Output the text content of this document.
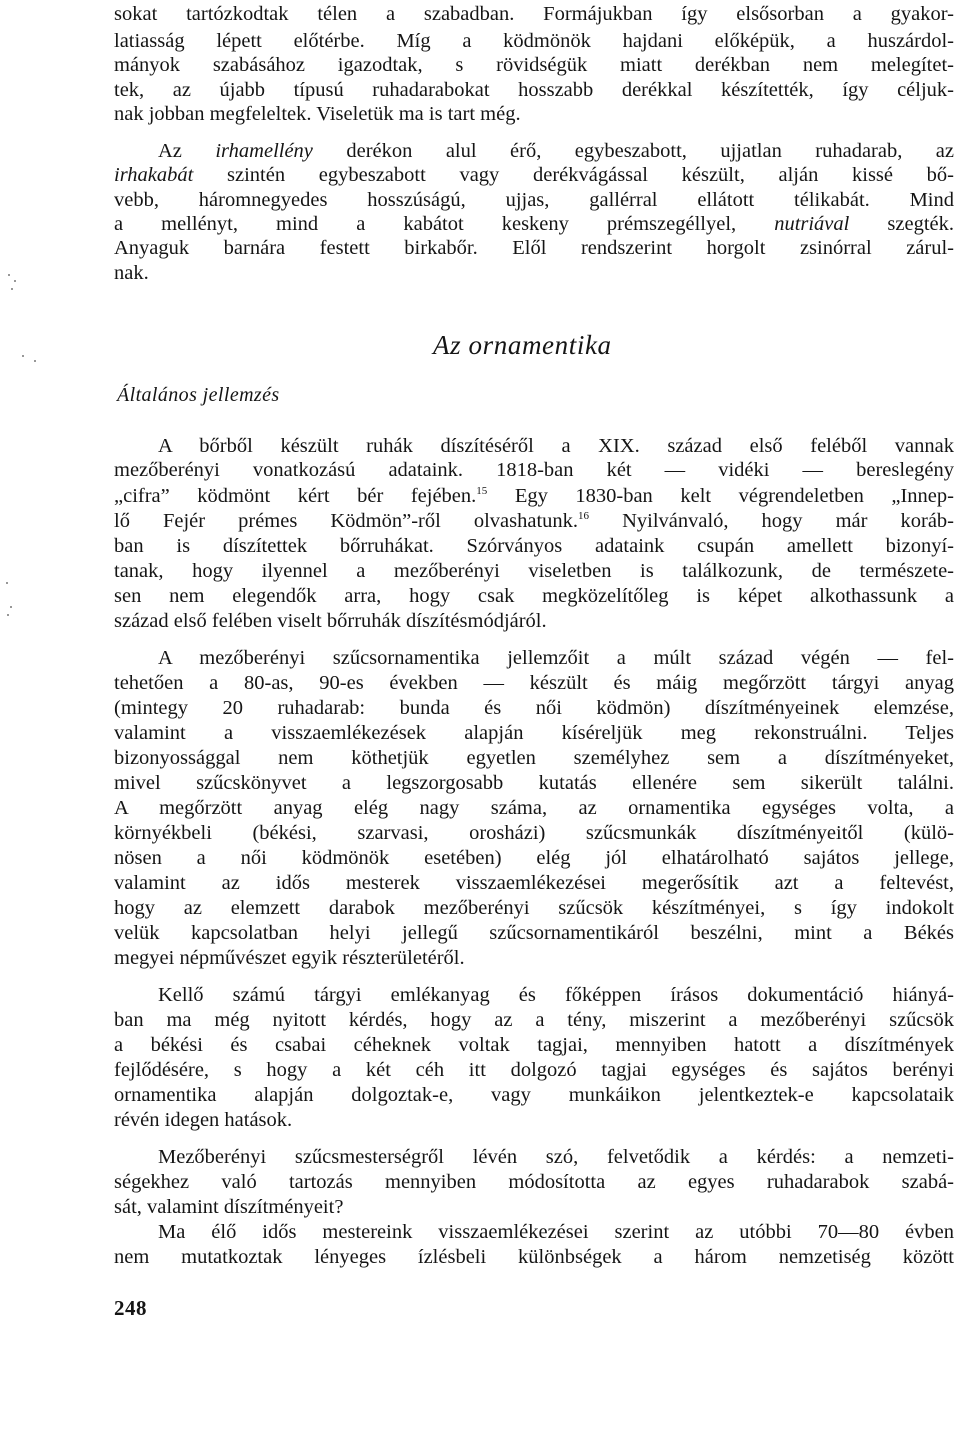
sokat tartózkodtak télen a szabadban. Formájukban így elsősorban a gyakor-
latiasság lépett előtérbe. Míg a ködmönök hajdani előképük, a huszárdol-
mányok szabásához igazodtak, s rövidségük miatt derékban nem melegítet-
tek, az újabb típusú ruhadarabokat hosszabb derékkal készítették, így céljuk-
nak jobban megfeleltek. Viseletük ma is tart még.
Az irhamellény derékon alul érő, egybeszabott, ujjatlan ruhadarab, az
irhakabát szintén egybeszabott vagy derékvágással készült, alján kissé bő-
vebb, háromnegyedes hosszúságú, ujjas, gallérral ellátott télikabát. Mind
a mellényt, mind a kabátot keskeny prémszegéllyel, nutriával szegték.
Anyaguk barnára festett birkabőr. Elől rendszerint horgolt zsinórral zárul-
nak.
Az ornamentika
Általános jellemzés
A bőrből készült ruhák díszítéséről a XIX. század első feléből vannak
mezőberényi vonatkozású adataink. 1818-ban két — vidéki — bereslegény
„cifra” ködmönt kért bér fejében.$^{15}$ Egy 1830-ban kelt végrendeletben „Innep-
lő Fejér prémes Ködmön”-ről olvashatunk.$^{16}$ Nyilvánvaló, hogy már koráb-
ban is díszítettek bőrruhákat. Szórványos adataink csupán amellett bizonyí-
tanak, hogy ilyennel a mezőberényi viseletben is találkozunk, de természete-
sen nem elegendők arra, hogy csak megközelítőleg is képet alkothassunk a
század első felében viselt bőrruhák díszítésmódjáról.
A mezőberényi szűcsornamentika jellemzőit a múlt század végén — fel-
tehetően a 80-as, 90-es években — készült és máig megőrzött tárgyi anyag
(mintegy 20 ruhadarab: bunda és női ködmön) díszítményeinek elemzése,
valamint a visszaemlékezések alapján kíséreljük meg rekonstruálni. Teljes
bizonyossággal nem köthetjük egyetlen személyhez sem a díszítményeket,
mivel szűcskönyvet a legszorgosabb kutatás ellenére sem sikerült találni.
A megőrzött anyag elég nagy száma, az ornamentika egységes volta, a
környékbeli (békési, szarvasi, orosházi) szűcsmunkák díszítményeitől (külö-
nösen a női ködmönök esetében) elég jól elhatárolható sajátos jellege,
valamint az idős mesterek visszaemlékezései megerősítik azt a feltevést,
hogy az elemzett darabok mezőberényi szűcsök készítményei, s így indokolt
velük kapcsolatban helyi jellegű szűcsornamentikáról beszélni, mint a Békés
megyei népművészet egyik részterületéről.
Kellő számú tárgyi emlékanyag és főképpen írásos dokumentáció hiányá-
ban ma még nyitott kérdés, hogy az a tény, miszerint a mezőberényi szűcsök
a békési és csabai céheknek voltak tagjai, mennyiben hatott a díszítmények
fejlődésére, s hogy a két céh itt dolgozó tagjai egységes és sajátos berényi
ornamentika alapján dolgoztak-e, vagy munkáikon jelentkeztek-e kapcsolataik
révén idegen hatások.
Mezőberényi szűcsmesterségről lévén szó, felvetődik a kérdés: a nemzeti-
ségekhez való tartozás mennyiben módosította az egyes ruhadarabok szabá-
sát, valamint díszítményeit?
Ma élő idős mestereink visszaemlékezései szerint az utóbbi 70—80 évben
nem mutatkoztak lényeges ízlésbeli különbségek a három nemzetiség között
248
